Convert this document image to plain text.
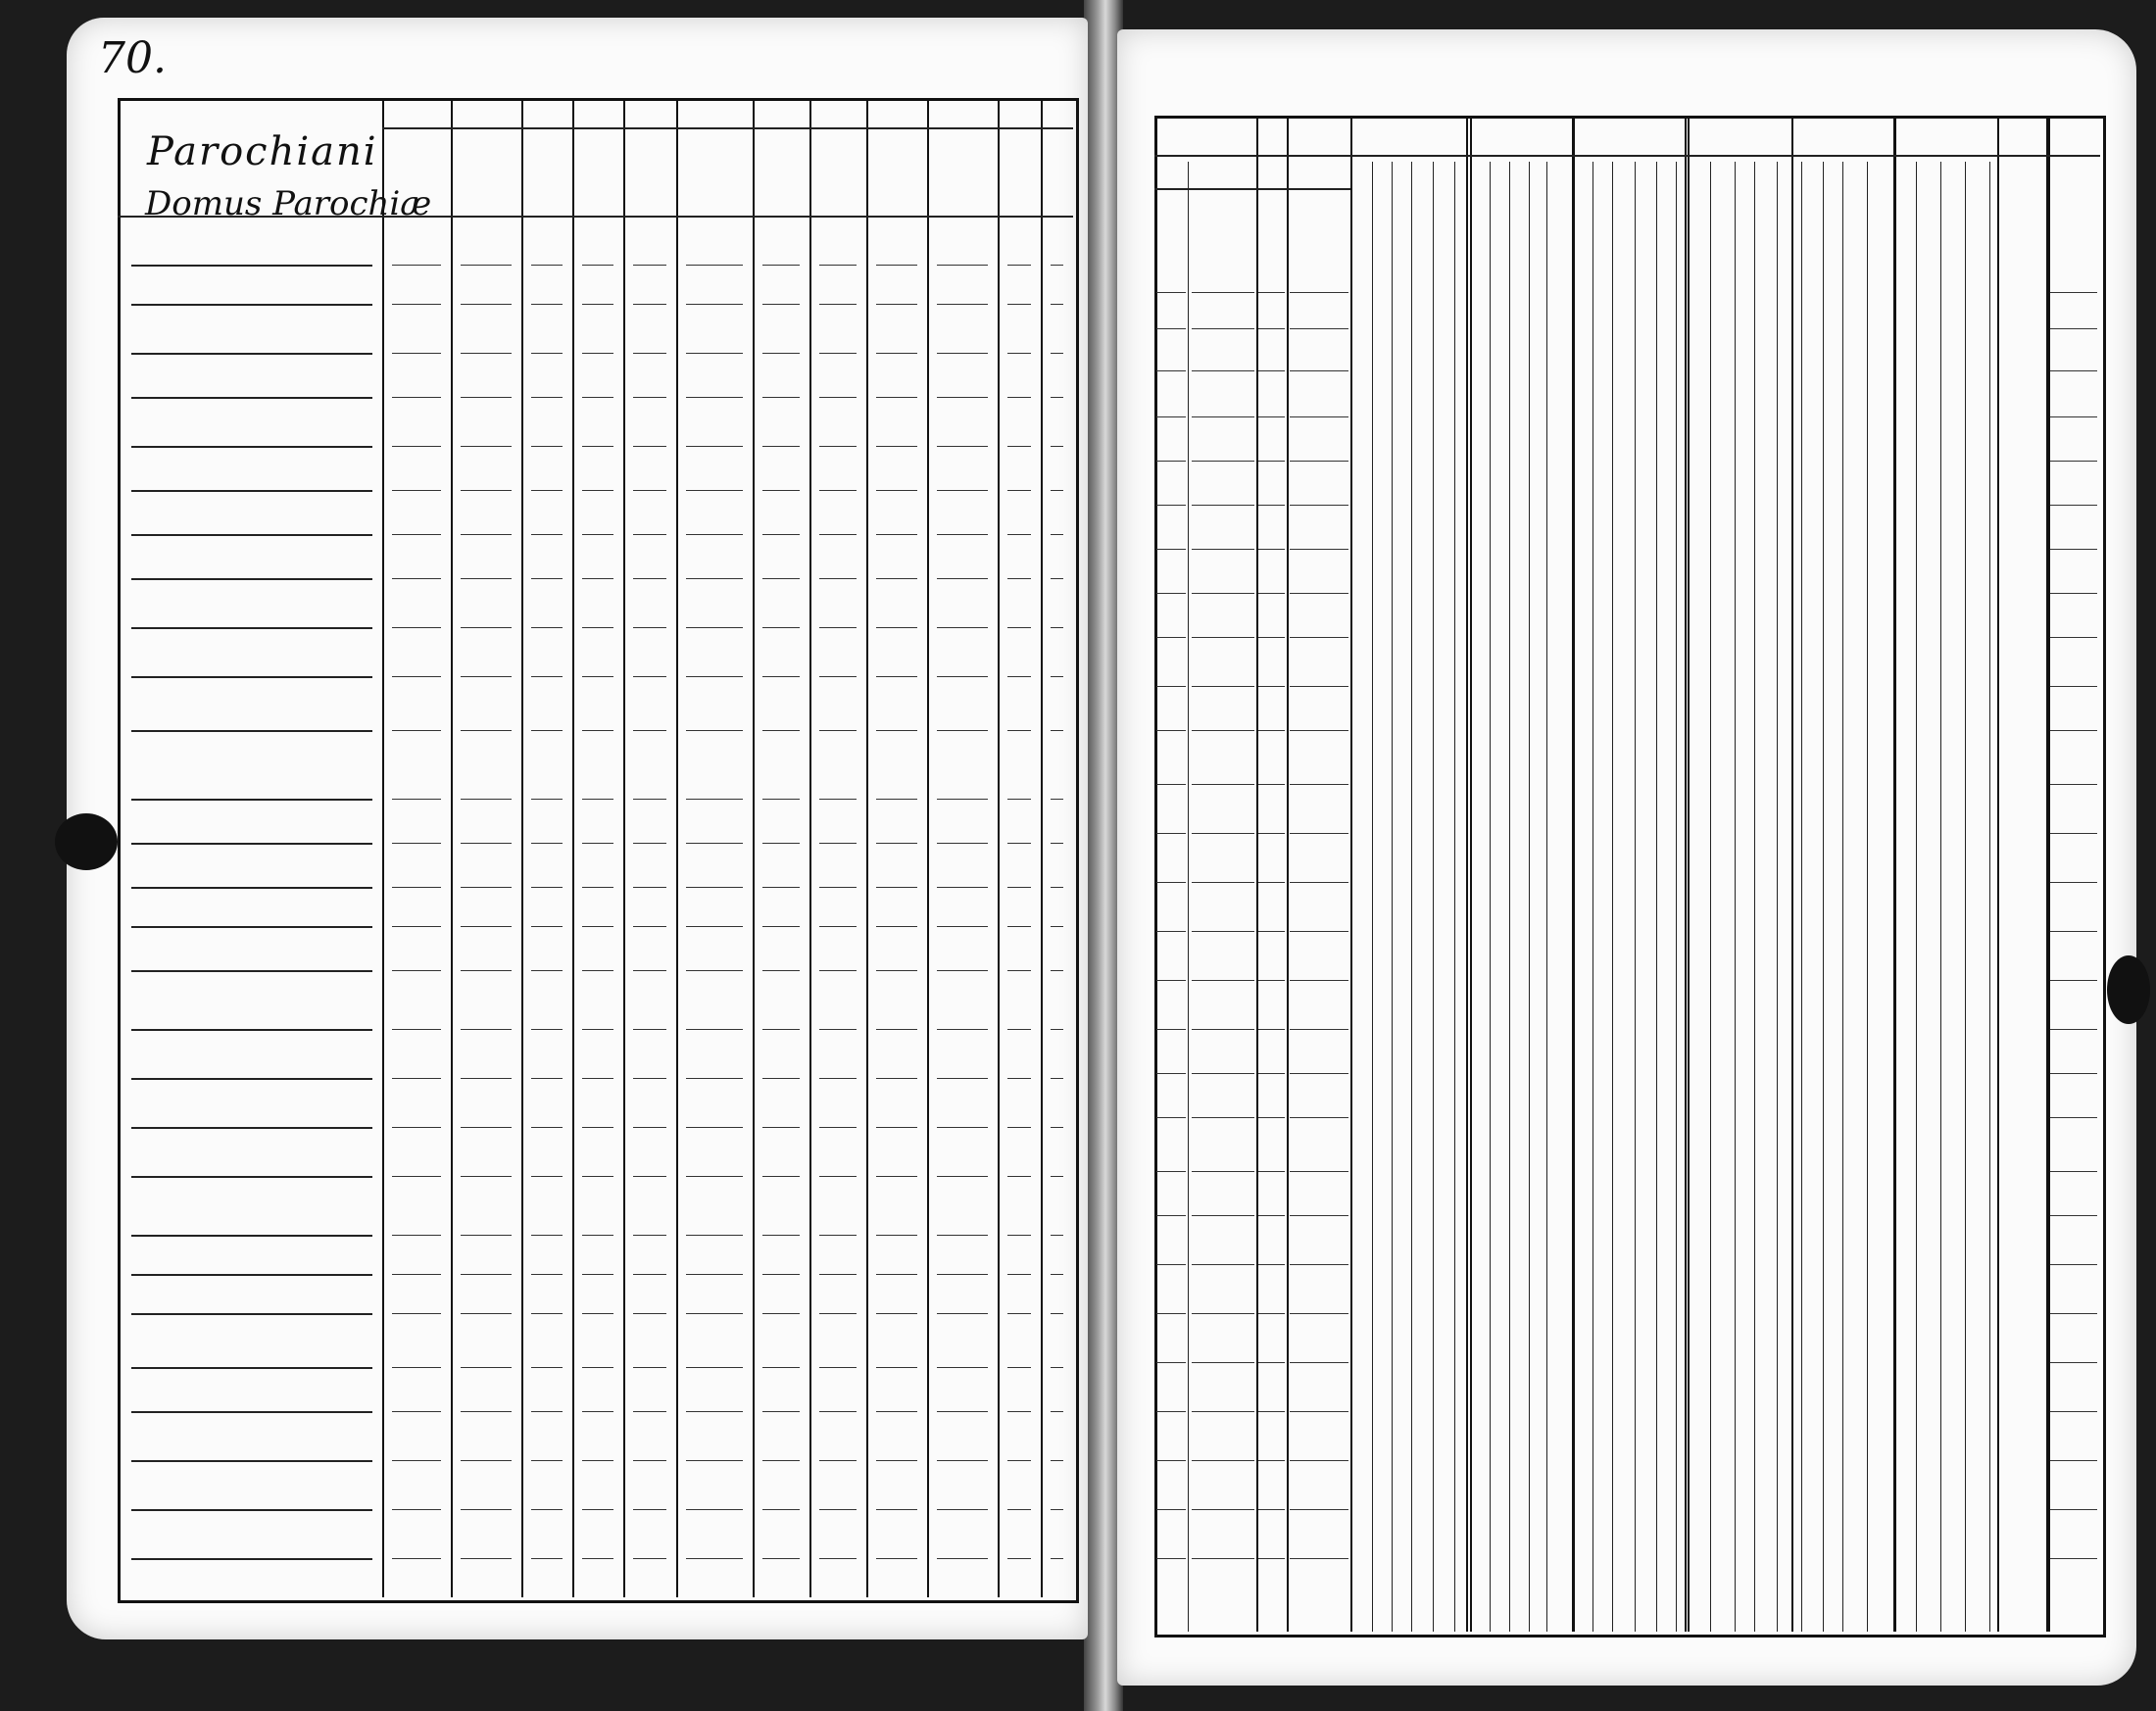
70.
Parochiani
Domus Parochiæ
